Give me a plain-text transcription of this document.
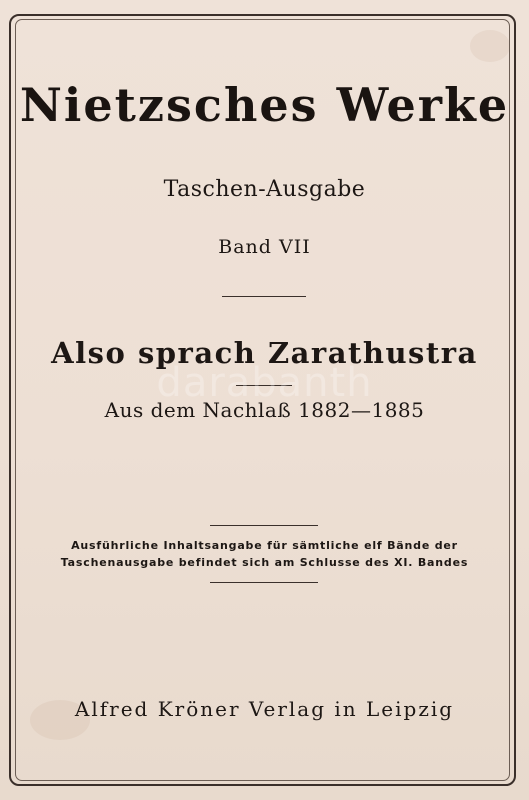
Nietzsches Werke
Taschen-Ausgabe
Band VII
Also sprach Zarathustra
Aus dem Nachlaß 1882—1885
Ausführliche Inhaltsangabe für sämtliche elf Bände der
Taschenausgabe befindet sich am Schlusse des XI. Bandes
Alfred Kröner Verlag in Leipzig
darabanth
